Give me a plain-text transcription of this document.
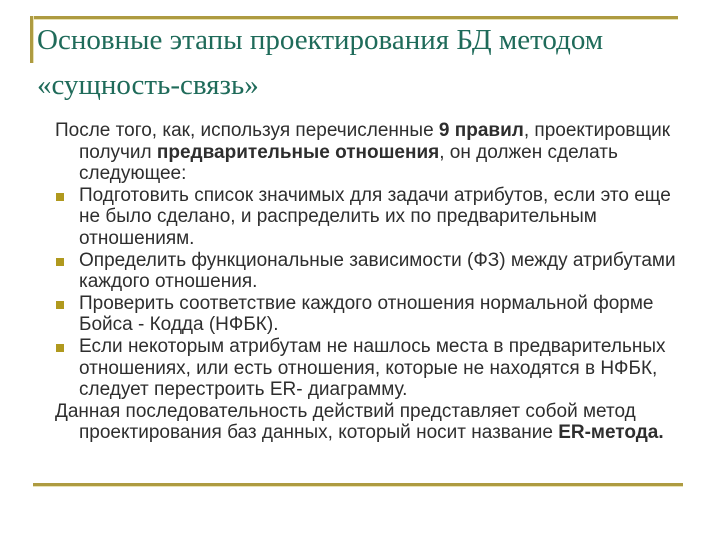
Основные этапы проектирования БД методом
«сущность-связь»
После того, как, используя перечисленные 9 правил, проектировщик получил предварительные отношения, он должен сделать следующее:
Подготовить список значимых для задачи атрибутов, если это еще не было сделано, и распределить их по предварительным отношениям.
Определить функциональные зависимости (ФЗ) между атрибутами каждого отношения.
Проверить соответствие каждого отношения нормальной форме Бойса - Кодда (НФБК).
Если некоторым атрибутам не нашлось места в предварительных отношениях, или есть отношения, которые не находятся в НФБК, следует перестроить ER- диаграмму.
Данная последовательность действий представляет собой метод проектирования баз данных, который носит название ER-метода.
